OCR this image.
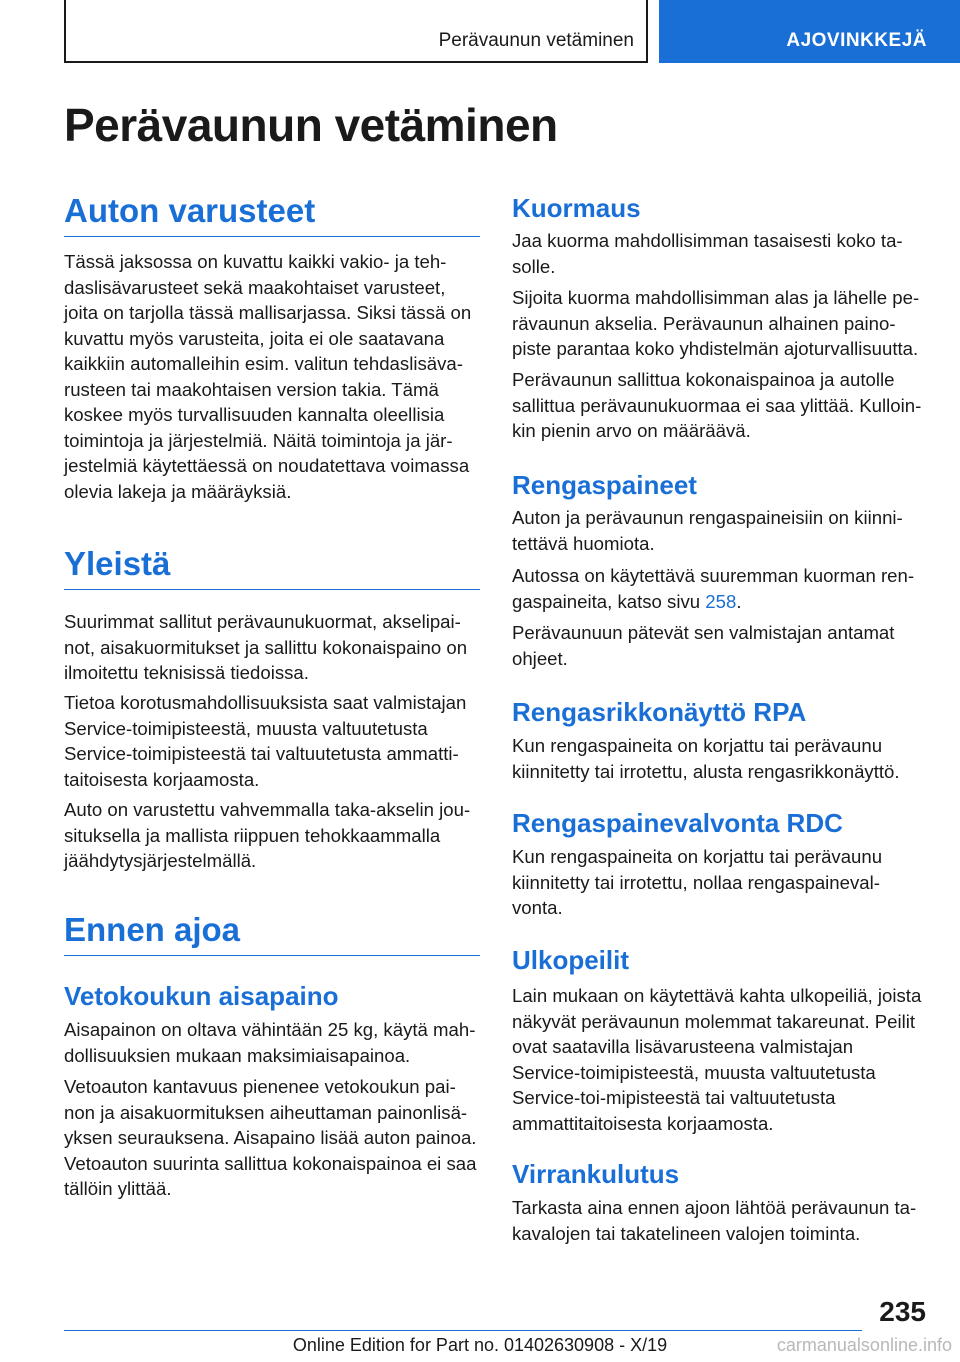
Perävaunun vetäminen	AJOVINKKEJÄ
Perävaunun vetäminen
Auton varusteet

Tässä jaksossa on kuvattu kaikki vakio- ja teh-daslisävarusteet sekä maakohtaiset varusteet, joita on tarjolla tässä mallisarjassa. Siksi tässä on kuvattu myös varusteita, joita ei ole saatavana kaikkiin automalleihin esim. valitun tehdaslisäva-rusteen tai maakohtaisen version takia. Tämä koskee myös turvallisuuden kannalta oleellisia toimintoja ja järjestelmiä. Näitä toimintoja ja jär-jestelmiä käytettäessä on noudatettava voimassa olevia lakeja ja määräyksiä.

Yleistä

Suurimmat sallitut perävaunukuormat, akselipai-not, aisakuormitukset ja sallittu kokonaispaino on ilmoitettu teknisissä tiedoissa.

Tietoa korotusmahdollisuuksista saat valmistajan Service-toimipisteestä, muusta valtuutetusta Service-toimipisteestä tai valtuutetusta ammatti-taitoisesta korjaamosta.

Auto on varustettu vahvemmalla taka-akselin jou-situksella ja mallista riippuen tehokkaammalla jäähdytysjärjestelmällä.

Ennen ajoa
Vetokoukun aisapaino

Aisapainon on oltava vähintään 25 kg, käytä mah-dollisuuksien mukaan maksimiaisapainoa.

Vetoauton kantavuus pienenee vetokoukun pai-non ja aisakuormituksen aiheuttaman painonlisä-yksen seurauksena. Aisapaino lisää auton painoa. Vetoauton suurinta sallittua kokonaispainoa ei saa tällöin ylittää.

Kuormaus

Jaa kuorma mahdollisimman tasaisesti koko ta-solle.

Sijoita kuorma mahdollisimman alas ja lähelle pe-rävaunun akselia. Perävaunun alhainen paino-piste parantaa koko yhdistelmän ajoturvallisuutta.

Perävaunun sallittua kokonaispainoa ja autolle sallittua perävaunukuormaa ei saa ylittää. Kulloin-kin pienin arvo on määräävä.

Rengaspaineet

Auton ja perävaunun rengaspaineisiin on kiinni-tettävä huomiota.

Autossa on käytettävä suuremman kuorman ren-gaspaineita, katso sivu 258.

Perävaunuun pätevät sen valmistajan antamat ohjeet.

Rengasrikkonäyttö RPA

Kun rengaspaineita on korjattu tai perävaunu kiinnitetty tai irrotettu, alusta rengasrikkonäyttö.

Rengaspainevalvonta RDC

Kun rengaspaineita on korjattu tai perävaunu kiinnitetty tai irrotettu, nollaa rengaspaineval-vonta.

Ulkopeilit

Lain mukaan on käytettävä kahta ulkopeiliä, joista näkyvät perävaunun molemmat takareunat. Peilit ovat saatavilla lisävarusteena valmistajan Service-toimipisteestä, muusta valtuutetusta Service-toi-mipisteestä tai valtuutetusta ammattitaitoisesta korjaamosta.

Virrankulutus

Tarkasta aina ennen ajoon lähtöä perävaunun ta-kavalojen tai takatelineen valojen toiminta.

235
Online Edition for Part no. 01402630908 - X/19	carmanualsonline.info
